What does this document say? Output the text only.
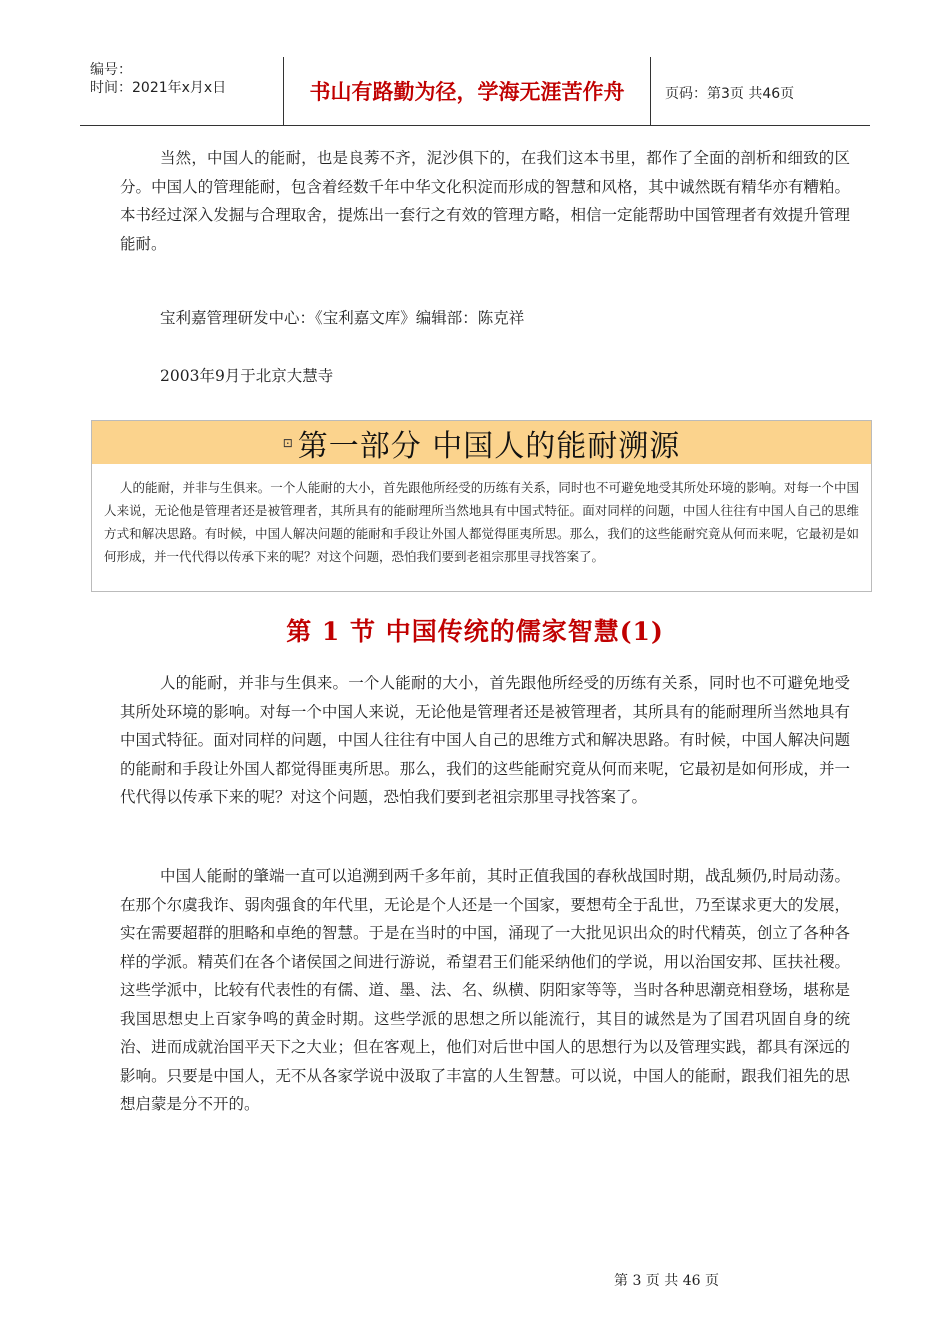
编号：
时间：2021年x月x日	书山有路勤为径，学海无涯苦作舟	页码：第3页 共46页

当然，中国人的能耐，也是良莠不齐，泥沙俱下的，在我们这本书里，都作了全面的剖析和细致的区分。中国人的管理能耐，包含着经数千年中华文化积淀而形成的智慧和风格，其中诚然既有精华亦有糟粕。本书经过深入发掘与合理取舍，提炼出一套行之有效的管理方略，相信一定能帮助中国管理者有效提升管理能耐。

宝利嘉管理研发中心：《宝利嘉文库》编辑部：陈克祥

2003年9月于北京大慧寺

⊡ 第一部分 中国人的能耐溯源

人的能耐，并非与生俱来。一个人能耐的大小，首先跟他所经受的历练有关系，同时也不可避免地受其所处环境的影响。对每一个中国人来说，无论他是管理者还是被管理者，其所具有的能耐理所当然地具有中国式特征。面对同样的问题，中国人往往有中国人自己的思维方式和解决思路。有时候，中国人解决问题的能耐和手段让外国人都觉得匪夷所思。那么，我们的这些能耐究竟从何而来呢，它最初是如何形成，并一代代得以传承下来的呢？对这个问题，恐怕我们要到老祖宗那里寻找答案了。

第 1 节 中国传统的儒家智慧(1)

人的能耐，并非与生俱来。一个人能耐的大小，首先跟他所经受的历练有关系，同时也不可避免地受其所处环境的影响。对每一个中国人来说，无论他是管理者还是被管理者，其所具有的能耐理所当然地具有中国式特征。面对同样的问题，中国人往往有中国人自己的思维方式和解决思路。有时候，中国人解决问题的能耐和手段让外国人都觉得匪夷所思。那么，我们的这些能耐究竟从何而来呢，它最初是如何形成，并一代代得以传承下来的呢？对这个问题，恐怕我们要到老祖宗那里寻找答案了。

中国人能耐的肇端一直可以追溯到两千多年前，其时正值我国的春秋战国时期，战乱频仍,时局动荡。在那个尔虞我诈、弱肉强食的年代里，无论是个人还是一个国家，要想苟全于乱世，乃至谋求更大的发展，实在需要超群的胆略和卓绝的智慧。于是在当时的中国，涌现了一大批见识出众的时代精英，创立了各种各样的学派。精英们在各个诸侯国之间进行游说，希望君王们能采纳他们的学说，用以治国安邦、匡扶社稷。这些学派中，比较有代表性的有儒、道、墨、法、名、纵横、阴阳家等等，当时各种思潮竞相登场，堪称是我国思想史上百家争鸣的黄金时期。这些学派的思想之所以能流行，其目的诚然是为了国君巩固自身的统治、进而成就治国平天下之大业；但在客观上，他们对后世中国人的思想行为以及管理实践，都具有深远的影响。只要是中国人，无不从各家学说中汲取了丰富的人生智慧。可以说，中国人的能耐，跟我们祖先的思想启蒙是分不开的。

第 3 页 共 46 页
